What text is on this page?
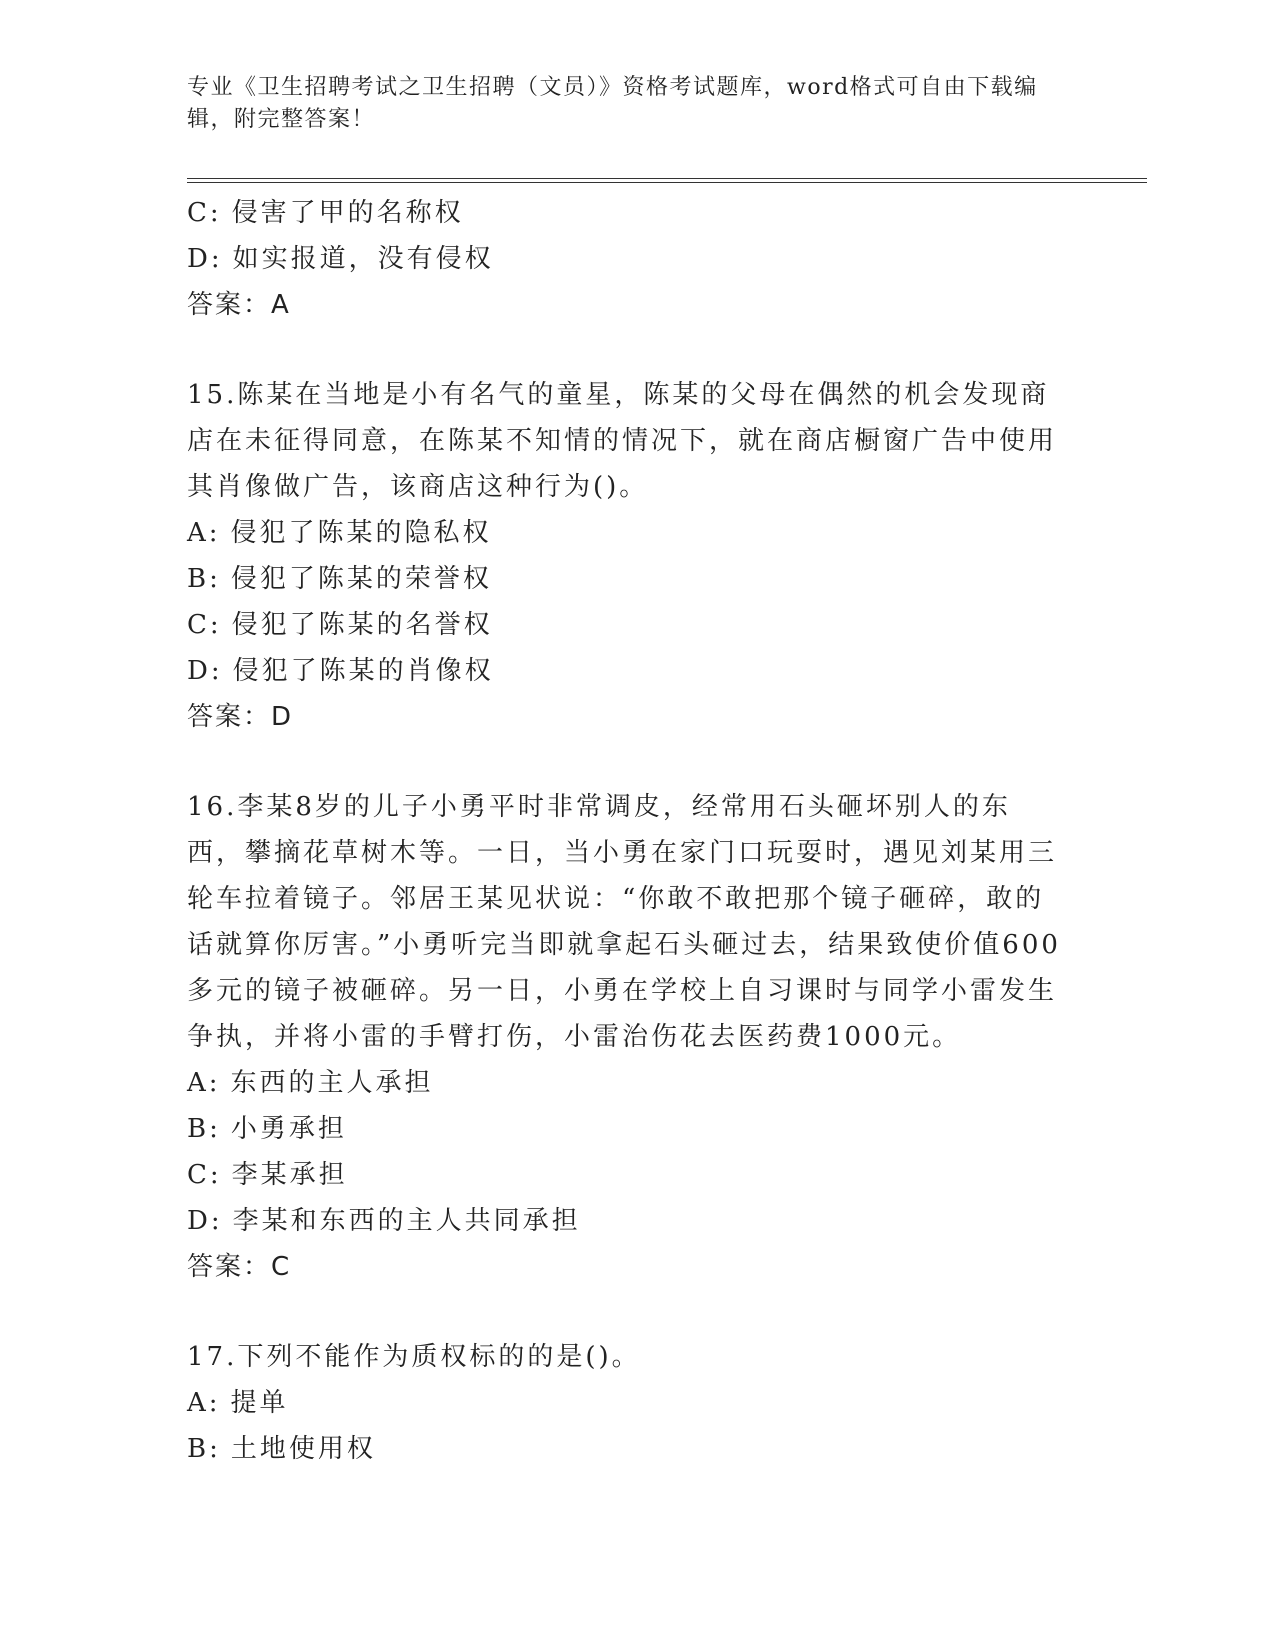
专业《卫生招聘考试之卫生招聘（文员）》资格考试题库，word格式可自由下载编辑，附完整答案！
C: 侵害了甲的名称权
D: 如实报道，没有侵权
答案：A
15.陈某在当地是小有名气的童星，陈某的父母在偶然的机会发现商店在未征得同意，在陈某不知情的情况下，就在商店橱窗广告中使用其肖像做广告，该商店这种行为()。
A: 侵犯了陈某的隐私权
B: 侵犯了陈某的荣誉权
C: 侵犯了陈某的名誉权
D: 侵犯了陈某的肖像权
答案：D
16.李某8岁的儿子小勇平时非常调皮，经常用石头砸坏别人的东西，攀摘花草树木等。一日，当小勇在家门口玩耍时，遇见刘某用三轮车拉着镜子。邻居王某见状说：“你敢不敢把那个镜子砸碎，敢的话就算你厉害。”小勇听完当即就拿起石头砸过去，结果致使价值600多元的镜子被砸碎。另一日，小勇在学校上自习课时与同学小雷发生争执，并将小雷的手臂打伤，小雷治伤花去医药费1000元。
A: 东西的主人承担
B: 小勇承担
C: 李某承担
D: 李某和东西的主人共同承担
答案：C
17.下列不能作为质权标的的是()。
A: 提单
B: 土地使用权
